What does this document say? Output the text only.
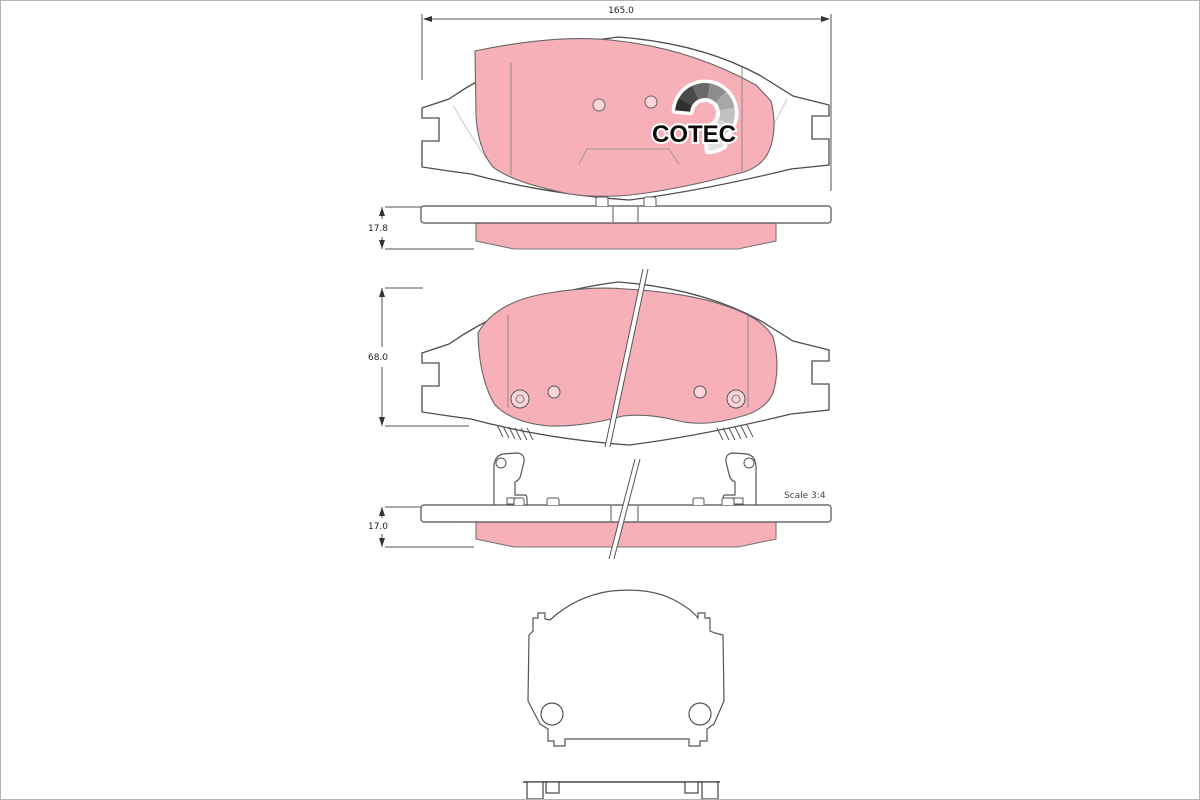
165.0
COTEC
17.8
68.0
17.0
Scale 3:4
